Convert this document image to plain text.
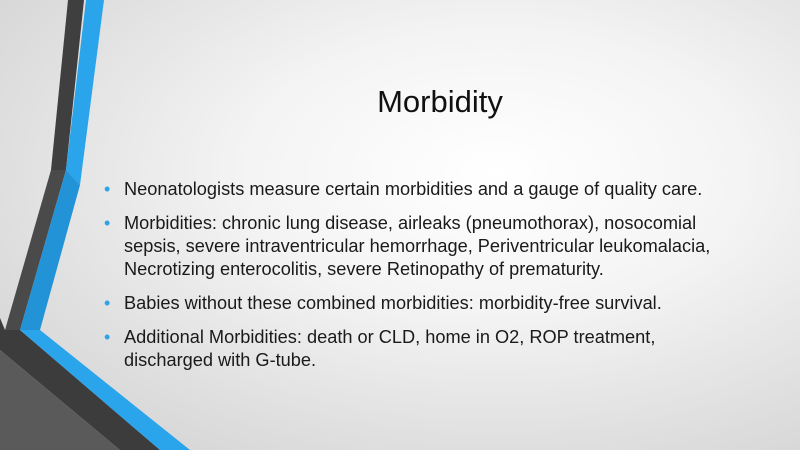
Morbidity
• Neonatologists measure certain morbidities and a gauge of quality care.
• Morbidities: chronic lung disease, airleaks (pneumothorax), nosocomial sepsis, severe intraventricular hemorrhage, Periventricular leukomalacia, Necrotizing enterocolitis, severe Retinopathy of prematurity.
• Babies without these combined morbidities: morbidity-free survival.
• Additional Morbidities: death or CLD, home in O2, ROP treatment, discharged with G-tube.
